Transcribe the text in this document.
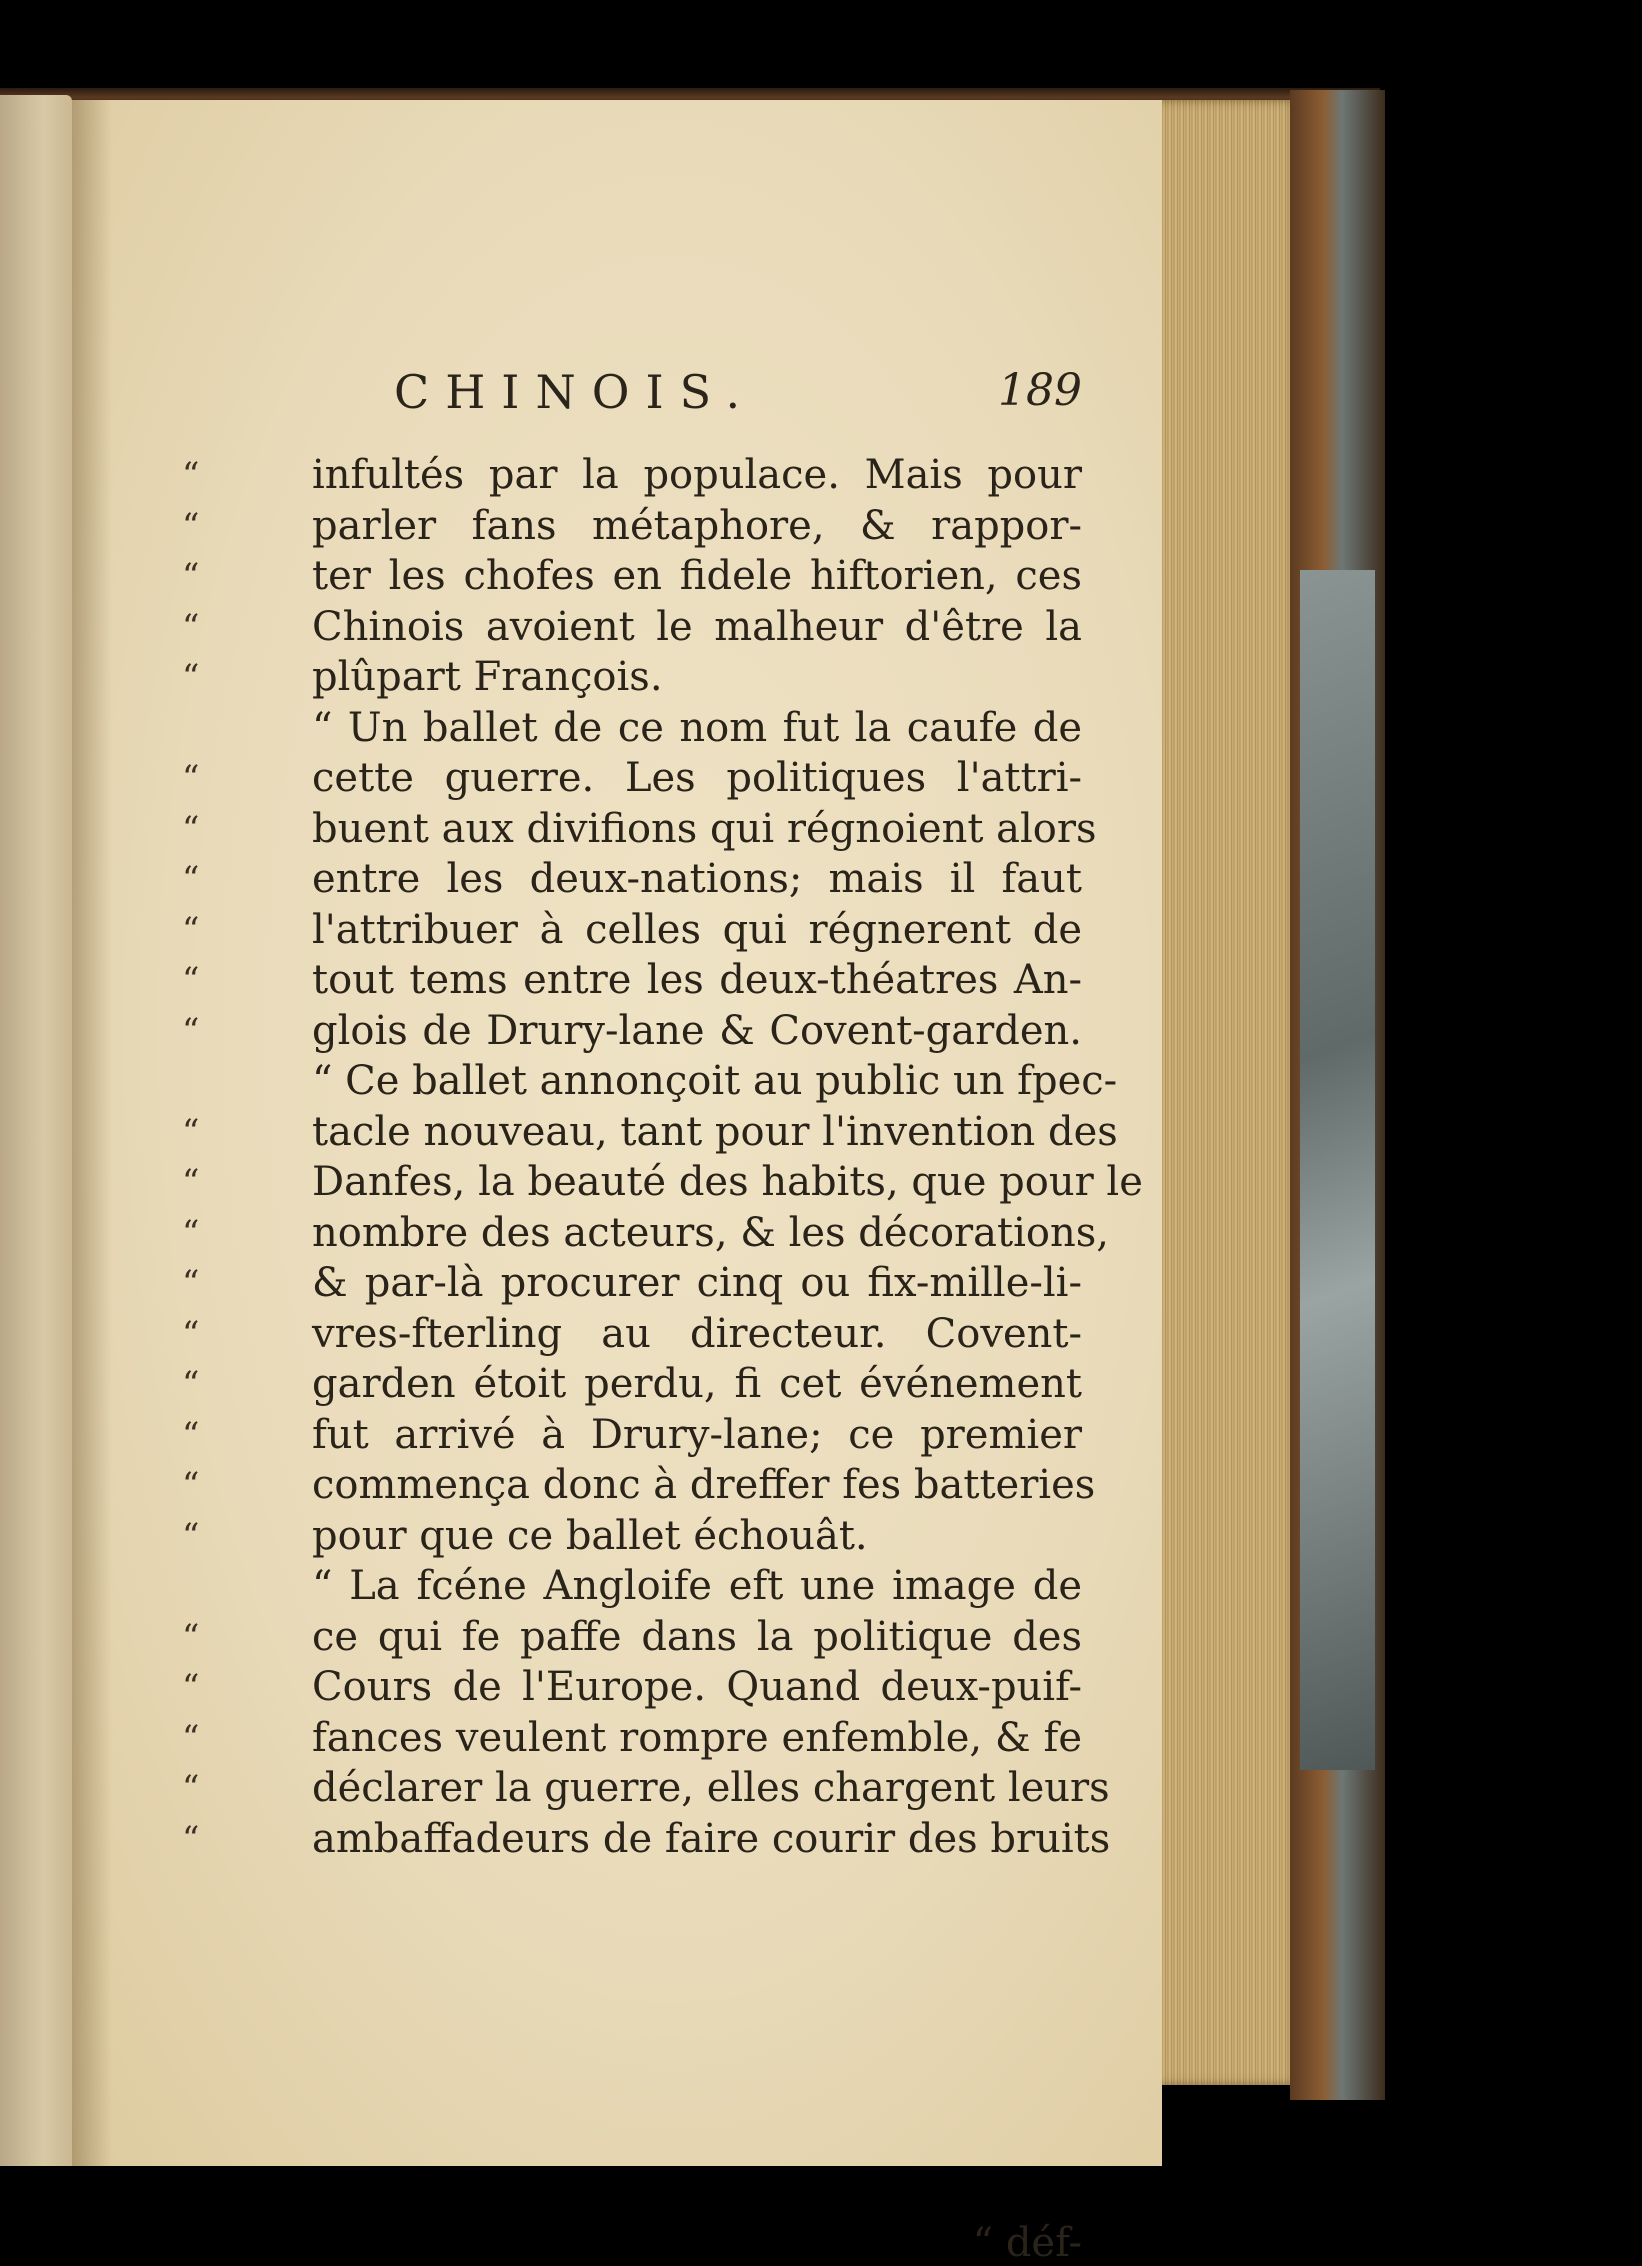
CHINOIS.	189
“	infultés par la populace. Mais pour
“	parler fans métaphore, & rappor-
“	ter les chofes en fidele hiftorien, ces
“	Chinois avoient le malheur d'être la
“	plûpart François.
“ Un ballet de ce nom fut la caufe de
“	cette guerre. Les politiques l'attri-
“	buent aux divifions qui régnoient alors
“	entre les deux-nations; mais il faut
“	l'attribuer à celles qui régnerent de
“	tout tems entre les deux-théatres An-
“	glois de Drury-lane & Covent-garden.
“ Ce ballet annonçoit au public un fpec-
“	tacle nouveau, tant pour l'invention des
“	Danfes, la beauté des habits, que pour le
“	nombre des acteurs, & les décorations,
“	& par-là procurer cinq ou fix-mille-li-
“	vres-fterling au directeur. Covent-
“	garden étoit perdu, fi cet événement
“	fut arrivé à Drury-lane; ce premier
“	commença donc à dreffer fes batteries
“	pour que ce ballet échouât.
“ La fcéne Angloife eft une image de
“	ce qui fe paffe dans la politique des
“	Cours de l'Europe. Quand deux-puif-
“	fances veulent rompre enfemble, & fe
“	déclarer la guerre, elles chargent leurs
“	ambaffadeurs de faire courir des bruits
“ déf-
